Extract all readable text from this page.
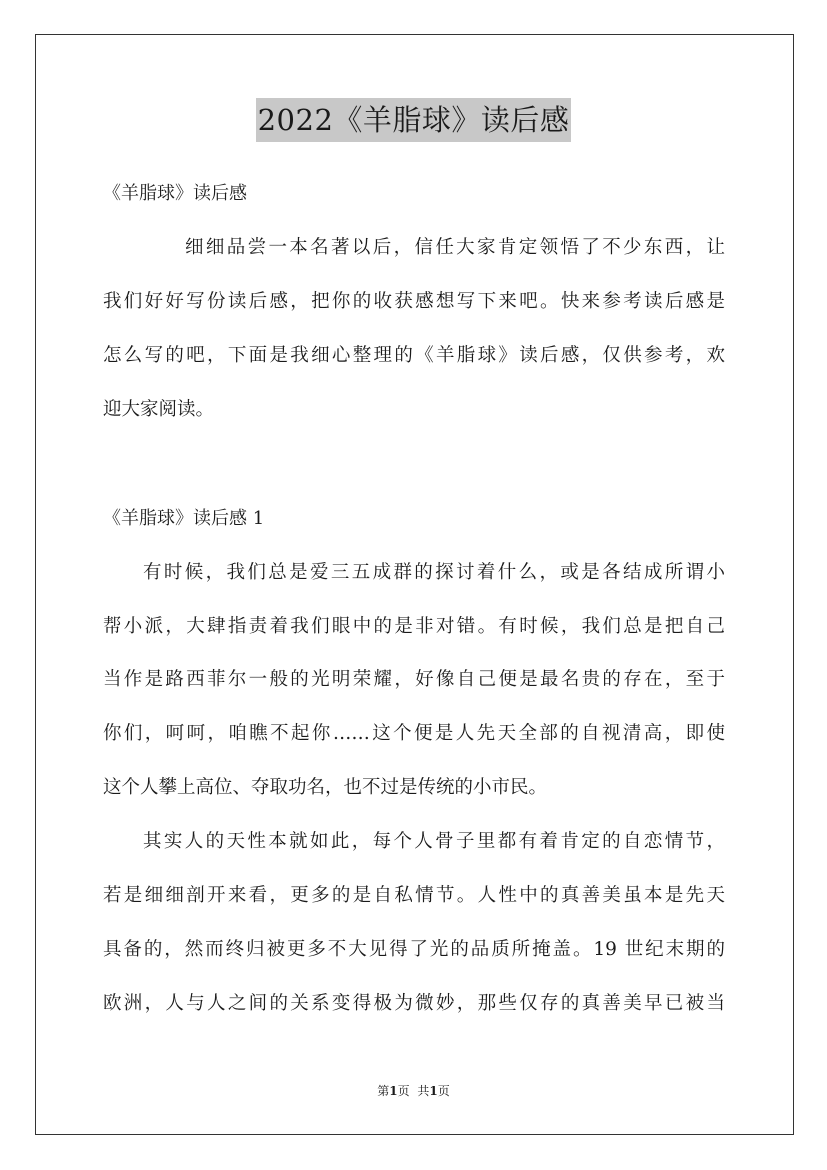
2022《羊脂球》读后感
《羊脂球》读后感
细细品尝一本名著以后，信任大家肯定领悟了不少东西，让
我们好好写份读后感，把你的收获感想写下来吧。快来参考读后感是
怎么写的吧，下面是我细心整理的《羊脂球》读后感，仅供参考，欢
迎大家阅读。
《羊脂球》读后感 1
有时候，我们总是爱三五成群的探讨着什么，或是各结成所谓小
帮小派，大肆指责着我们眼中的是非对错。有时候，我们总是把自己
当作是路西菲尔一般的光明荣耀，好像自己便是最名贵的存在，至于
你们，呵呵，咱瞧不起你……这个便是人先天全部的自视清高，即使
这个人攀上高位、夺取功名，也不过是传统的小市民。
其实人的天性本就如此，每个人骨子里都有着肯定的自恋情节，
若是细细剖开来看，更多的是自私情节。人性中的真善美虽本是先天
具备的，然而终归被更多不大见得了光的品质所掩盖。19 世纪末期的
欧洲，人与人之间的关系变得极为微妙，那些仅存的真善美早已被当
第1页 共1页
